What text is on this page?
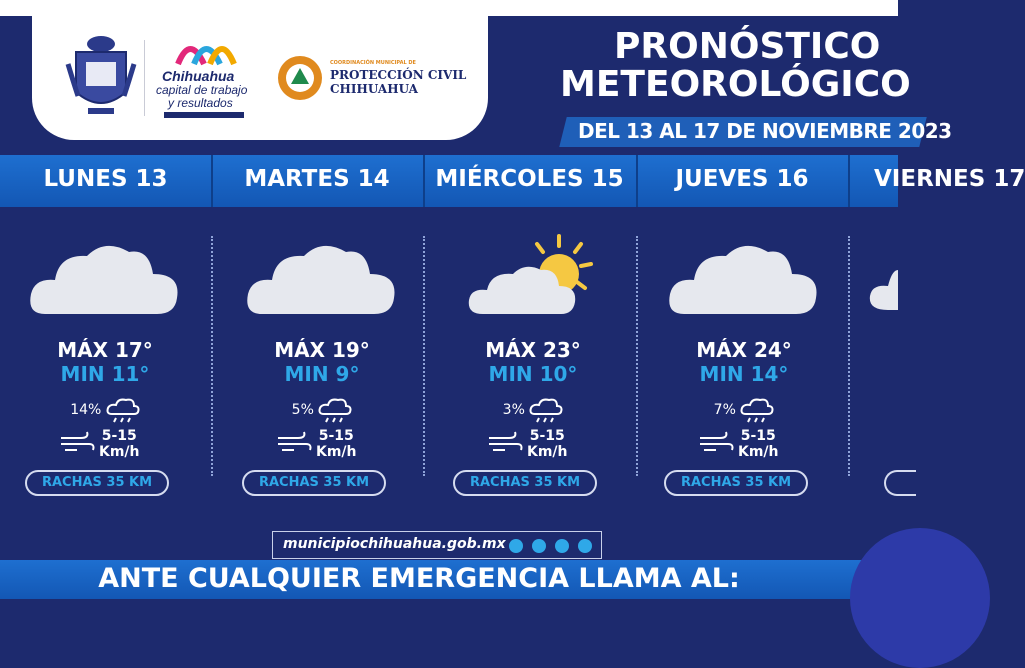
Chihuahua
capital de trabajo
y resultados
COORDINACIÓN MUNICIPAL DE
PROTECCIÓN CIVIL
CHIHUAHUA
PRONÓSTICO
METEOROLÓGICO
DEL 13 AL 17 DE NOVIEMBRE 2023
LUNES 13	MARTES 14	MIÉRCOLES 15	JUEVES 16	VIERNES 17
MÁX 17°
MIN 11°
14%
5-15
Km/h
RACHAS 35 KM
MÁX 19°
MIN 9°
5%
5-15
Km/h
RACHAS 35 KM
MÁX 23°
MIN 10°
3%
5-15
Km/h
RACHAS 35 KM
MÁX 24°
MIN 14°
7%
5-15
Km/h
RACHAS 35 KM
municipiochihuahua.gob.mx

ANTE CUALQUIER EMERGENCIA LLAMA AL:
